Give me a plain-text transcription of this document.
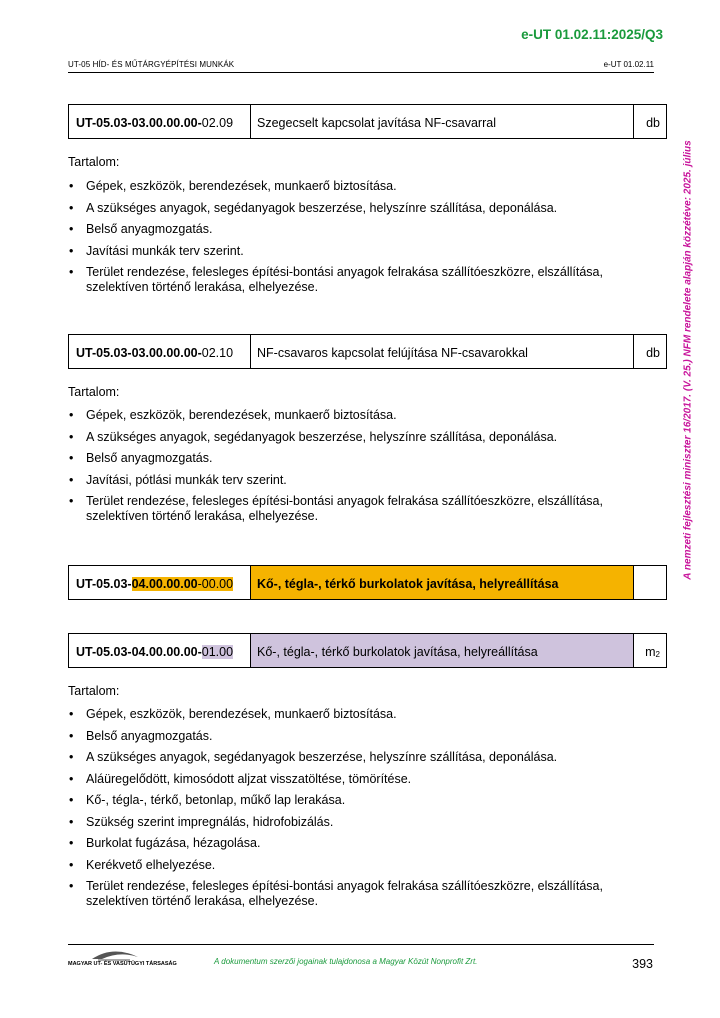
e-UT 01.02.11:2025/Q3
UT-05 HÍD- ÉS MŰTÁRGYÉPÍTÉSI MUNKÁK	e-UT 01.02.11
A nemzeti fejlesztési miniszter 16/2017. (V. 25.) NFM rendelete alapján közzétéve: 2025. július
UT-05.03-03.00.00.00- 02.09	Szegecselt kapcsolat javítása NF-csavarral	db
Tartalom:
• Gépek, eszközök, berendezések, munkaerő biztosítása.
• A szükséges anyagok, segédanyagok beszerzése, helyszínre szállítása, deponálása.
• Belső anyagmozgatás.
• Javítási munkák terv szerint.
• Terület rendezése, felesleges építési-bontási anyagok felrakása szállítóeszközre, elszállítása, szelektíven történő lerakása, elhelyezése.
UT-05.03-03.00.00.00- 02.10	NF-csavaros kapcsolat felújítása NF-csavarokkal	db
Tartalom:
• Gépek, eszközök, berendezések, munkaerő biztosítása.
• A szükséges anyagok, segédanyagok beszerzése, helyszínre szállítása, deponálása.
• Belső anyagmozgatás.
• Javítási, pótlási munkák terv szerint.
• Terület rendezése, felesleges építési-bontási anyagok felrakása szállítóeszközre, elszállítása, szelektíven történő lerakása, elhelyezése.
UT-05.03- 04.00.00.00 -00.00	Kő-, tégla-, térkő burkolatok javítása, helyreállítása
UT-05.03-04.00.00.00- 01.00	Kő-, tégla-, térkő burkolatok javítása, helyreállítása	$m_2$
Tartalom:
• Gépek, eszközök, berendezések, munkaerő biztosítása.
• Belső anyagmozgatás.
• A szükséges anyagok, segédanyagok beszerzése, helyszínre szállítása, deponálása.
• Aláüregelődött, kimosódott aljzat visszatöltése, tömörítése.
• Kő-, tégla-, térkő, betonlap, műkő lap lerakása.
• Szükség szerint impregnálás, hidrofobizálás.
• Burkolat fugázása, hézagolása.
• Kerékvető elhelyezése.
• Terület rendezése, felesleges építési-bontási anyagok felrakása szállítóeszközre, elszállítása, szelektíven történő lerakása, elhelyezése.
MAGYAR UT- ÉS VASÚTÜGYI TÁRSASÁG	A dokumentum szerzői jogainak tulajdonosa a Magyar Közút Nonprofit Zrt.	393
